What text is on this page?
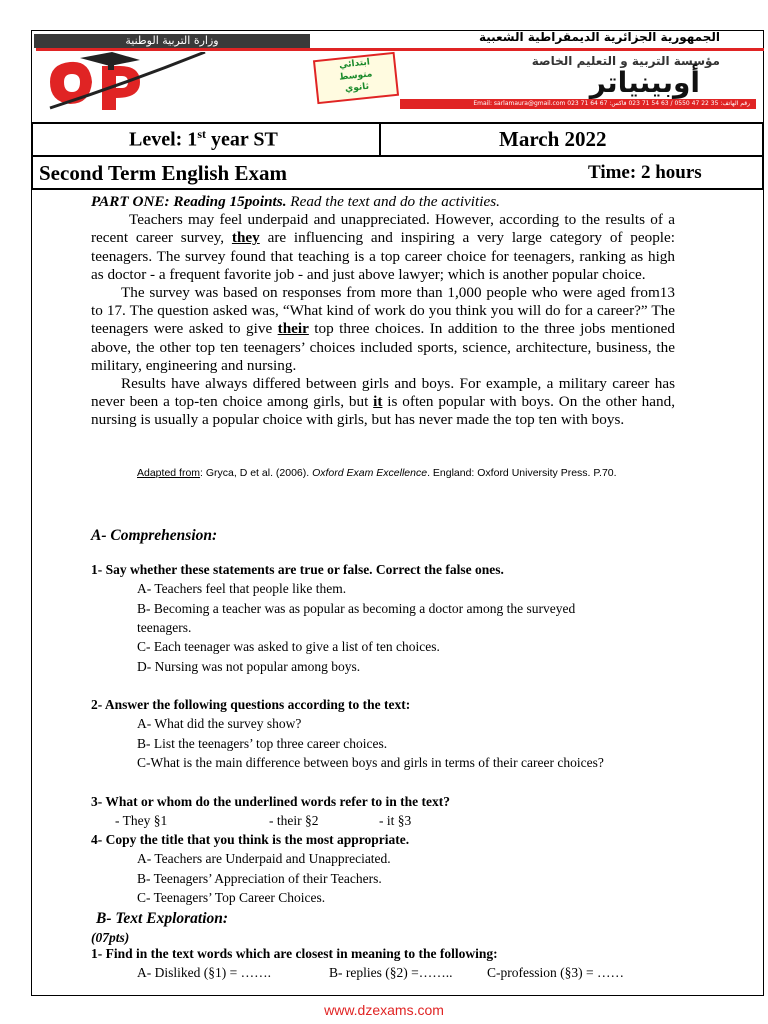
وزارة التربية الوطنية	الجمهورية الجزائرية الديمقراطية الشعبية
ابتدائي
متوسط
ثانوي
مؤسسة التربية و التعليم الخاصة
أوبينياتر
رقم الهاتف: 35 22 47 0550 / 63 54 71 023 فاكس: 67 64 71 023 Email: sarlamaura@gmail.com
Level: 1st year ST	March 2022
Second Term English Exam	Time: 2 hours

PART ONE: Reading 15points. Read the text and do the activities.

Teachers may feel underpaid and unappreciated. However, according to the results of a recent career survey, they are influencing and inspiring a very large category of people: teenagers. The survey found that teaching is a top career choice for teenagers, ranking as high as doctor - a frequent favorite job - and just above lawyer; which is another popular choice.

The survey was based on responses from more than 1,000 people who were aged from13 to 17. The question asked was, “What kind of work do you think you will do for a career?” The teenagers were asked to give their top three choices. In addition to the three jobs mentioned above, the other top ten teenagers’ choices included sports, science, architecture, business, the military, engineering and nursing.

Results have always differed between girls and boys. For example, a military career has never been a top-ten choice among girls, but it is often popular with boys. On the other hand, nursing is usually a popular choice with girls, but has never made the top ten with boys.

Adapted from: Gryca, D et al. (2006). Oxford Exam Excellence. England: Oxford University Press. P.70.
A- Comprehension:
1- Say whether these statements are true or false. Correct the false ones.
A- Teachers feel that people like them.
B- Becoming a teacher was as popular as becoming a doctor among the surveyed
teenagers.
C- Each teenager was asked to give a list of ten choices.
D- Nursing was not popular among boys.
2- Answer the following questions according to the text:
A- What did the survey show?
B- List the teenagers’ top three career choices.
C-What is the main difference between boys and girls in terms of their career choices?
3- What or whom do the underlined words refer to in the text?
- They §1	- their §2	- it §3
4- Copy the title that you think is the most appropriate.
A- Teachers are Underpaid and Unappreciated.
B- Teenagers’ Appreciation of their Teachers.
C- Teenagers’ Top Career Choices.
B- Text Exploration:
(07pts)
1- Find in the text words which are closest in meaning to the following:
A- Disliked (§1) = …….	B- replies (§2) =……..	C-profession (§3) = ……
www.dzexams.com
